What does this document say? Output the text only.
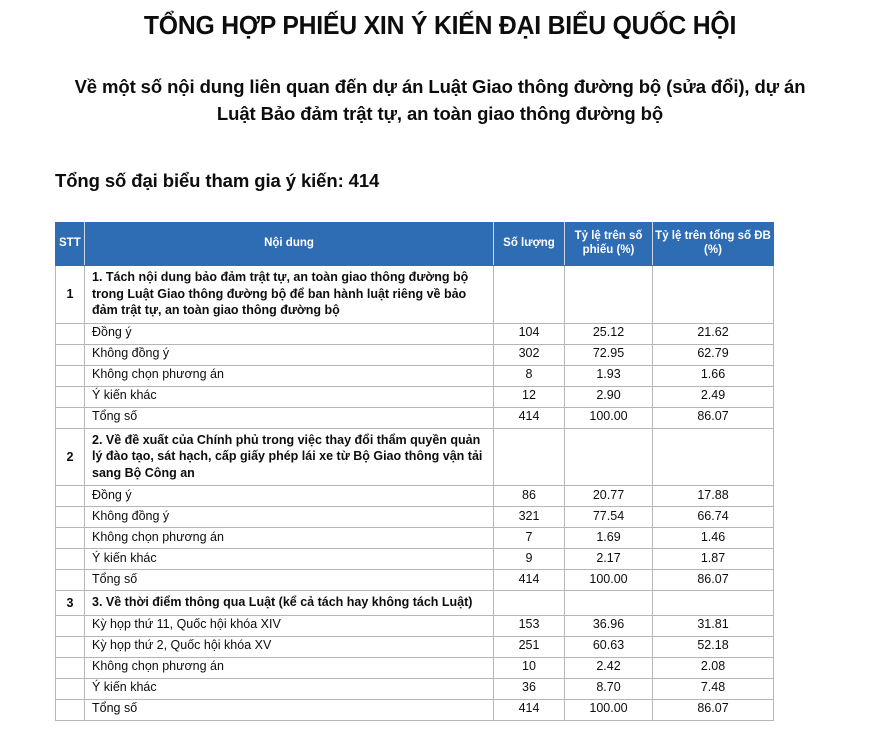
TỔNG HỢP PHIẾU XIN Ý KIẾN ĐẠI BIỂU QUỐC HỘI
Về một số nội dung liên quan đến dự án Luật Giao thông đường bộ (sửa đổi), dự án Luật Bảo đảm trật tự, an toàn giao thông đường bộ
Tổng số đại biểu tham gia ý kiến: 414
STT	Nội dung	Số lượng	Tỷ lệ trên số phiếu (%)	Tỷ lệ trên tổng số ĐB (%)
1	1. Tách nội dung bảo đảm trật tự, an toàn giao thông đường bộ trong Luật Giao thông đường bộ để ban hành luật riêng về bảo đảm trật tự, an toàn giao thông đường bộ			
	Đồng ý	104	25.12	21.62
	Không đồng ý	302	72.95	62.79
	Không chọn phương án	8	1.93	1.66
	Ý kiến khác	12	2.90	2.49
	Tổng số	414	100.00	86.07
2	2. Về đề xuất của Chính phủ trong việc thay đổi thẩm quyền quản lý đào tạo, sát hạch, cấp giấy phép lái xe từ Bộ Giao thông vận tải sang Bộ Công an			
	Đồng ý	86	20.77	17.88
	Không đồng ý	321	77.54	66.74
	Không chọn phương án	7	1.69	1.46
	Ý kiến khác	9	2.17	1.87
	Tổng số	414	100.00	86.07
3	3. Về thời điểm thông qua Luật (kể cả tách hay không tách Luật)			
	Kỳ họp thứ 11, Quốc hội khóa XIV	153	36.96	31.81
	Kỳ họp thứ 2, Quốc hội khóa XV	251	60.63	52.18
	Không chọn phương án	10	2.42	2.08
	Ý kiến khác	36	8.70	7.48
	Tổng số	414	100.00	86.07
